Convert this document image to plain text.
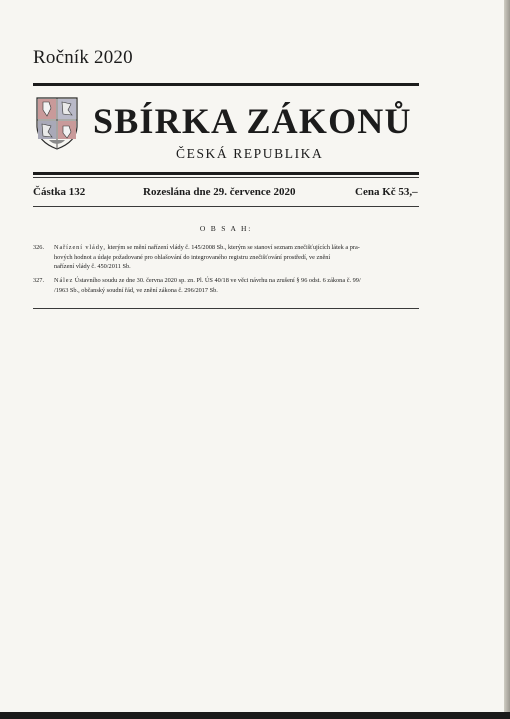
Ročník 2020
SBÍRKA ZÁKONŮ
ČESKÁ REPUBLIKA
Částka 132	Rozeslána dne 29. července 2020	Cena Kč 53,–
O B S A H:
326.	Nařízení vlády, kterým se mění nařízení vlády č. 145/2008 Sb., kterým se stanoví seznam znečišťujících látek a pra-
hových hodnot a údaje požadované pro ohlašování do integrovaného registru znečišťování prostředí, ve znění
nařízení vlády č. 450/2011 Sb.
327.	Nález Ústavního soudu ze dne 30. června 2020 sp. zn. Pl. ÚS 40/18 ve věci návrhu na zrušení § 96 odst. 6 zákona č. 99/
/1963 Sb., občanský soudní řád, ve znění zákona č. 296/2017 Sb.
